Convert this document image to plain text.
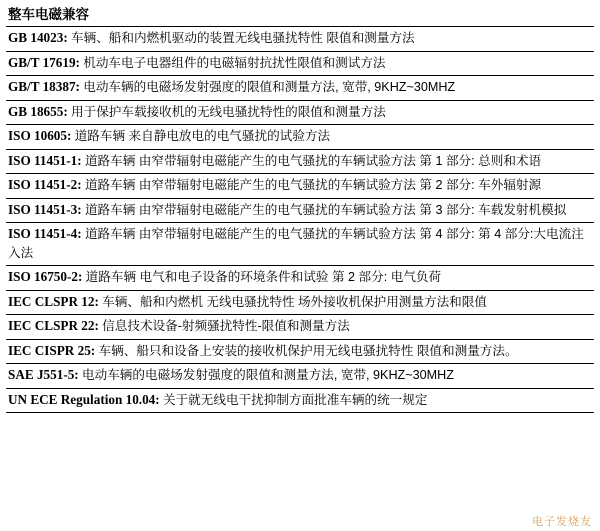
整车电磁兼容
GB 14023: 车辆、船和内燃机驱动的装置无线电骚扰特性 限值和测量方法
GB/T 17619: 机动车电子电器组件的电磁辐射抗扰性限值和测试方法
GB/T 18387: 电动车辆的电磁场发射强度的限值和测量方法, 宽带, 9KHZ~30MHZ
GB 18655: 用于保护车载接收机的无线电骚扰特性的限值和测量方法
ISO 10605: 道路车辆 来自静电放电的电气骚扰的试验方法
ISO 11451-1: 道路车辆 由窄带辐射电磁能产生的电气骚扰的车辆试验方法 第 1 部分: 总则和术语
ISO 11451-2: 道路车辆 由窄带辐射电磁能产生的电气骚扰的车辆试验方法 第 2 部分: 车外辐射源
ISO 11451-3: 道路车辆 由窄带辐射电磁能产生的电气骚扰的车辆试验方法 第 3 部分: 车载发射机模拟
ISO 11451-4: 道路车辆 由窄带辐射电磁能产生的电气骚扰的车辆试验方法 第 4 部分: 第 4 部分:大电流注入法
ISO 16750-2: 道路车辆 电气和电子设备的环境条件和试验 第 2 部分: 电气负荷
IEC CLSPR 12: 车辆、船和内燃机 无线电骚扰特性 场外接收机保护用测量方法和限值
IEC CLSPR 22: 信息技术设备-射频骚扰特性-限值和测量方法
IEC CISPR 25: 车辆、船只和设备上安装的接收机保护用无线电骚扰特性 限值和测量方法。
SAE J551-5: 电动车辆的电磁场发射强度的限值和测量方法, 宽带, 9KHZ~30MHZ
UN ECE Regulation 10.04: 关于就无线电干扰抑制方面批准车辆的统一规定
电子发烧友
